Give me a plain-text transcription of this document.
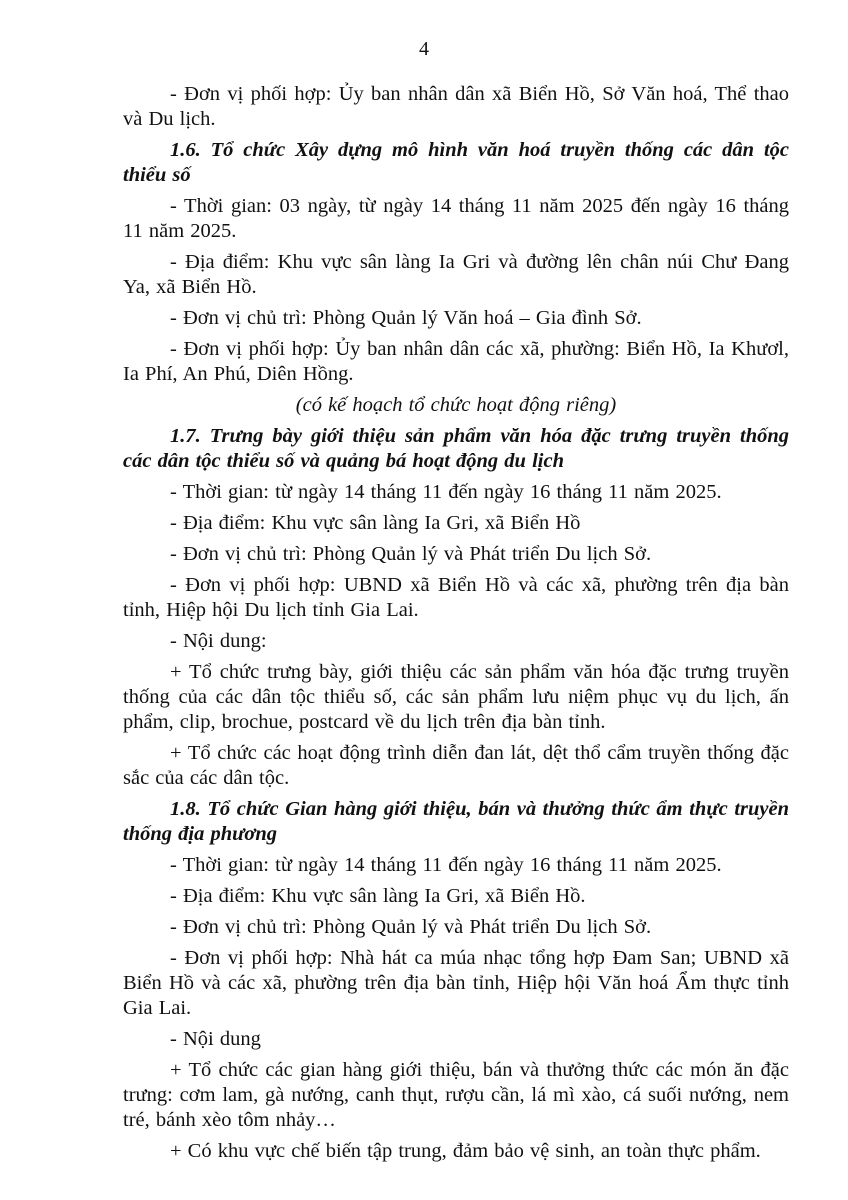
4

- Đơn vị phối hợp: Ủy ban nhân dân xã Biển Hồ, Sở Văn hoá, Thể thao và Du lịch.

1.6. Tổ chức Xây dựng mô hình văn hoá truyền thống các dân tộc thiểu số

- Thời gian: 03 ngày, từ ngày 14 tháng 11 năm 2025 đến ngày 16 tháng 11 năm 2025.

- Địa điểm: Khu vực sân làng Ia Gri và đường lên chân núi Chư Đang Ya, xã Biển Hồ.

- Đơn vị chủ trì: Phòng Quản lý Văn hoá – Gia đình Sở.

- Đơn vị phối hợp: Ủy ban nhân dân các xã, phường: Biển Hồ, Ia Khươl, Ia Phí, An Phú, Diên Hồng.

(có kế hoạch tổ chức hoạt động riêng)

1.7. Trưng bày giới thiệu sản phẩm văn hóa đặc trưng truyền thống các dân tộc thiểu số và quảng bá hoạt động du lịch

- Thời gian: từ ngày 14 tháng 11 đến ngày 16 tháng 11 năm 2025.

- Địa điểm: Khu vực sân làng Ia Gri, xã Biển Hồ

- Đơn vị chủ trì: Phòng Quản lý và Phát triển Du lịch Sở.

- Đơn vị phối hợp: UBND xã Biển Hồ và các xã, phường trên địa bàn tỉnh, Hiệp hội Du lịch tỉnh Gia Lai.

- Nội dung:

+ Tổ chức trưng bày, giới thiệu các sản phẩm văn hóa đặc trưng truyền thống của các dân tộc thiểu số, các sản phẩm lưu niệm phục vụ du lịch, ấn phẩm, clip, brochue, postcard về du lịch trên địa bàn tỉnh.

+ Tổ chức các hoạt động trình diễn đan lát, dệt thổ cẩm truyền thống đặc sắc của các dân tộc.

1.8. Tổ chức Gian hàng giới thiệu, bán và thưởng thức ẩm thực truyền thống địa phương

- Thời gian: từ ngày 14 tháng 11 đến ngày 16 tháng 11 năm 2025.

- Địa điểm: Khu vực sân làng Ia Gri, xã Biển Hồ.

- Đơn vị chủ trì: Phòng Quản lý và Phát triển Du lịch Sở.

- Đơn vị phối hợp: Nhà hát ca múa nhạc tổng hợp Đam San; UBND xã Biển Hồ và các xã, phường trên địa bàn tỉnh, Hiệp hội Văn hoá Ẩm thực tỉnh Gia Lai.

- Nội dung

+ Tổ chức các gian hàng giới thiệu, bán và thưởng thức các món ăn đặc trưng: cơm lam, gà nướng, canh thụt, rượu cần, lá mì xào, cá suối nướng, nem tré, bánh xèo tôm nhảy…

+ Có khu vực chế biến tập trung, đảm bảo vệ sinh, an toàn thực phẩm.
